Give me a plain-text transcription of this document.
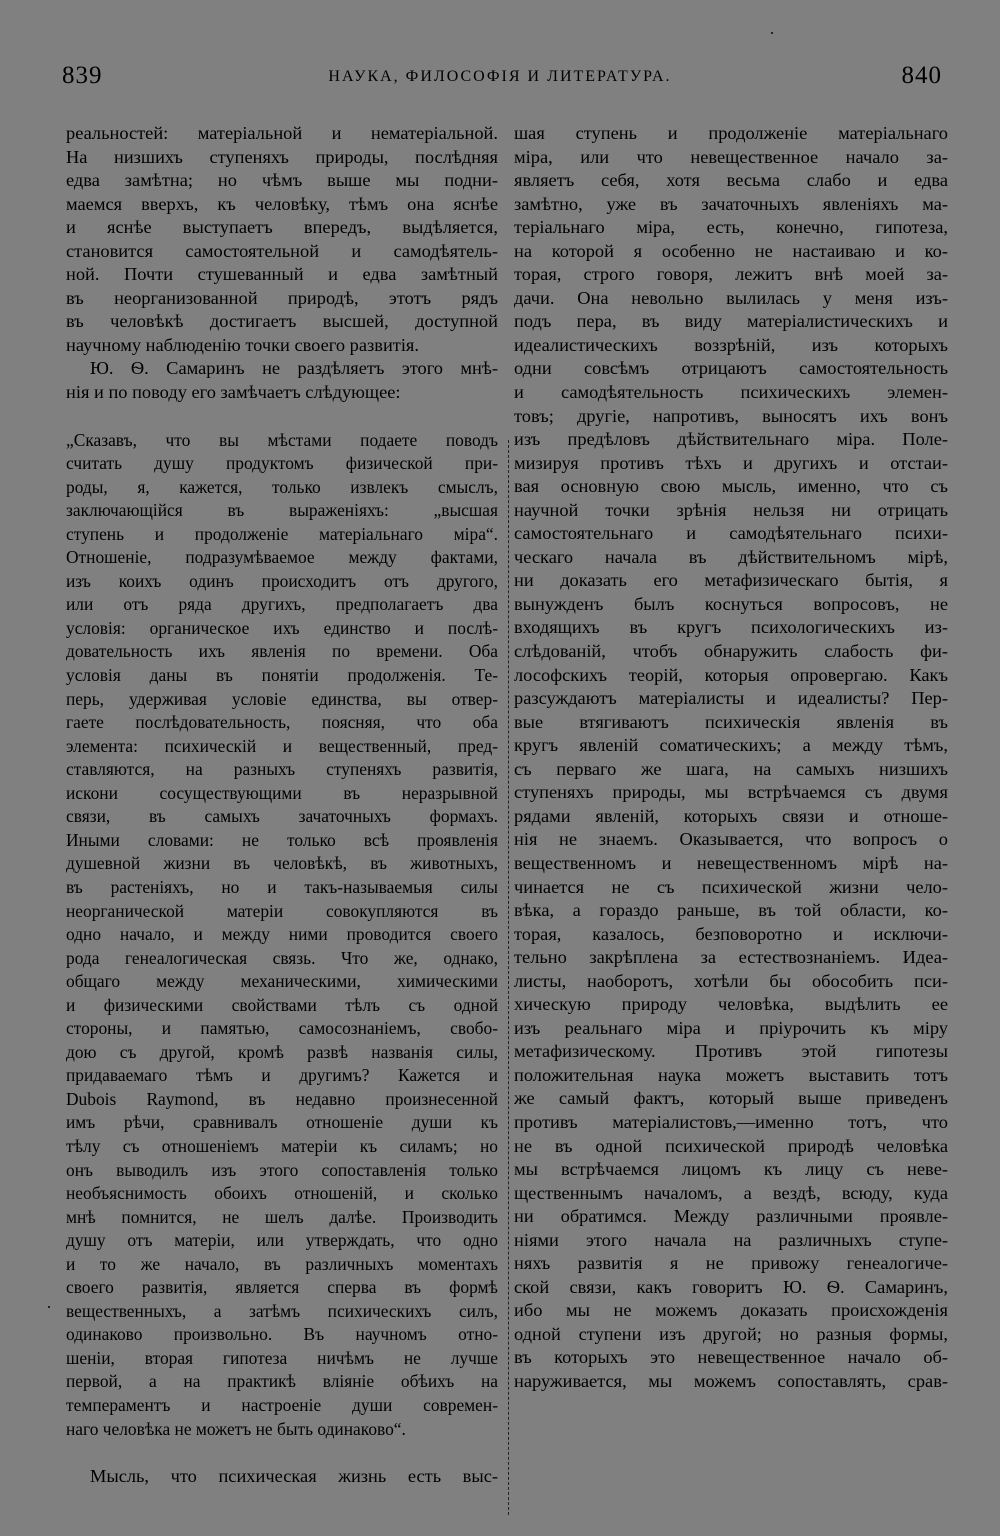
839	НАУКА, ФИЛОСОФІЯ И ЛИТЕРАТУРА.	840
реальностей: матеріальной и нематеріальной.
На низшихъ ступеняхъ природы, послѣдняя
едва замѣтна; но чѣмъ выше мы подни-
маемся вверхъ, къ человѣку, тѣмъ она яснѣе
и яснѣе выступаетъ впередъ, выдѣляется,
становится самостоятельной и самодѣятель-
ной. Почти стушеванный и едва замѣтный
въ неорганизованной природѣ, этотъ рядъ
въ человѣкѣ достигаетъ высшей, доступной
научному наблюденію точки своего развитія.
Ю. Ѳ. Самаринъ не раздѣляетъ этого мнѣ-
нія и по поводу его замѣчаетъ слѣдующее:
„Сказавъ, что вы мѣстами подаете поводъ
считать душу продуктомъ физической при-
роды, я, кажется, только извлекъ смыслъ,
заключающійся въ выраженіяхъ: „высшая
ступень и продолженіе матеріальнаго міра“.
Отношеніе, подразумѣваемое между фактами,
изъ коихъ одинъ происходитъ отъ другого,
или отъ ряда другихъ, предполагаетъ два
условія: органическое ихъ единство и послѣ-
довательность ихъ явленія по времени. Оба
условія даны въ понятіи продолженія. Те-
перь, удерживая условіе единства, вы отвер-
гаете послѣдовательность, поясняя, что оба
элемента: психическій и вещественный, пред-
ставляются, на разныхъ ступеняхъ развитія,
искони сосуществующими въ неразрывной
связи, въ самыхъ зачаточныхъ формахъ.
Иными словами: не только всѣ проявленія
душевной жизни въ человѣкѣ, въ животныхъ,
въ растеніяхъ, но и такъ-называемыя силы
неорганической матеріи совокупляются въ
одно начало, и между ними проводится своего
рода генеалогическая связь. Что же, однако,
общаго между механическими, химическими
и физическими свойствами тѣлъ съ одной
стороны, и памятью, самосознаніемъ, свобо-
дою съ другой, кромѣ развѣ названія силы,
придаваемаго тѣмъ и другимъ? Кажется и
Dubois Raymond, въ недавно произнесенной
имъ рѣчи, сравнивалъ отношеніе души къ
тѣлу съ отношеніемъ матеріи къ силамъ; но
онъ выводилъ изъ этого сопоставленія только
необъяснимость обоихъ отношеній, и сколько
мнѣ помнится, не шелъ далѣе. Производить
душу отъ матеріи, или утверждать, что одно
и то же начало, въ различныхъ моментахъ
своего развитія, является сперва въ формѣ
вещественныхъ, а затѣмъ психическихъ силъ,
одинаково произвольно. Въ научномъ отно-
шеніи, вторая гипотеза ничѣмъ не лучше
первой, а на практикѣ вліяніе обѣихъ на
темпераментъ и настроеніе души современ-
наго человѣка не можетъ не быть одинаково“.
Мысль, что психическая жизнь есть выс-
шая ступень и продолженіе матеріальнаго
міра, или что невещественное начало за-
являетъ себя, хотя весьма слабо и едва
замѣтно, уже въ зачаточныхъ явленіяхъ ма-
теріальнаго міра, есть, конечно, гипотеза,
на которой я особенно не настаиваю и ко-
торая, строго говоря, лежитъ внѣ моей за-
дачи. Она невольно вылилась у меня изъ-
подъ пера, въ виду матеріалистическихъ и
идеалистическихъ воззрѣній, изъ которыхъ
одни совсѣмъ отрицаютъ самостоятельность
и самодѣятельность психическихъ элемен-
товъ; другіе, напротивъ, выносятъ ихъ вонъ
изъ предѣловъ дѣйствительнаго міра. Поле-
мизируя противъ тѣхъ и другихъ и отстаи-
вая основную свою мысль, именно, что съ
научной точки зрѣнія нельзя ни отрицать
самостоятельнаго и самодѣятельнаго психи-
ческаго начала въ дѣйствительномъ мірѣ,
ни доказать его метафизическаго бытія, я
вынужденъ былъ коснуться вопросовъ, не
входящихъ въ кругъ психологическихъ из-
слѣдованій, чтобъ обнаружить слабость фи-
лософскихъ теорій, которыя опровергаю. Какъ
разсуждаютъ матеріалисты и идеалисты? Пер-
вые втягиваютъ психическія явленія въ
кругъ явленій соматическихъ; а между тѣмъ,
съ перваго же шага, на самыхъ низшихъ
ступеняхъ природы, мы встрѣчаемся съ двумя
рядами явленій, которыхъ связи и отноше-
нія не знаемъ. Оказывается, что вопросъ о
вещественномъ и невещественномъ мірѣ на-
чинается не съ психической жизни чело-
вѣка, а гораздо раньше, въ той области, ко-
торая, казалось, безповоротно и исключи-
тельно закрѣплена за естествознаніемъ. Идеа-
листы, наоборотъ, хотѣли бы обособить пси-
хическую природу человѣка, выдѣлить ее
изъ реальнаго міра и пріурочить къ міру
метафизическому. Противъ этой гипотезы
положительная наука можетъ выставить тотъ
же самый фактъ, который выше приведенъ
противъ матеріалистовъ,—именно тотъ, что
не въ одной психической природѣ человѣка
мы встрѣчаемся лицомъ къ лицу съ невe-
щественнымъ началомъ, а вездѣ, всюду, куда
ни обратимся. Между различными проявле-
ніями этого начала на различныхъ ступе-
няхъ развитія я не привожу генеалогиче-
ской связи, какъ говоритъ Ю. Ѳ. Самаринъ,
ибо мы не можемъ доказать происхожденія
одной ступени изъ другой; но разныя формы,
въ которыхъ это невещественное начало об-
наруживается, мы можемъ сопоставлять, срав-
